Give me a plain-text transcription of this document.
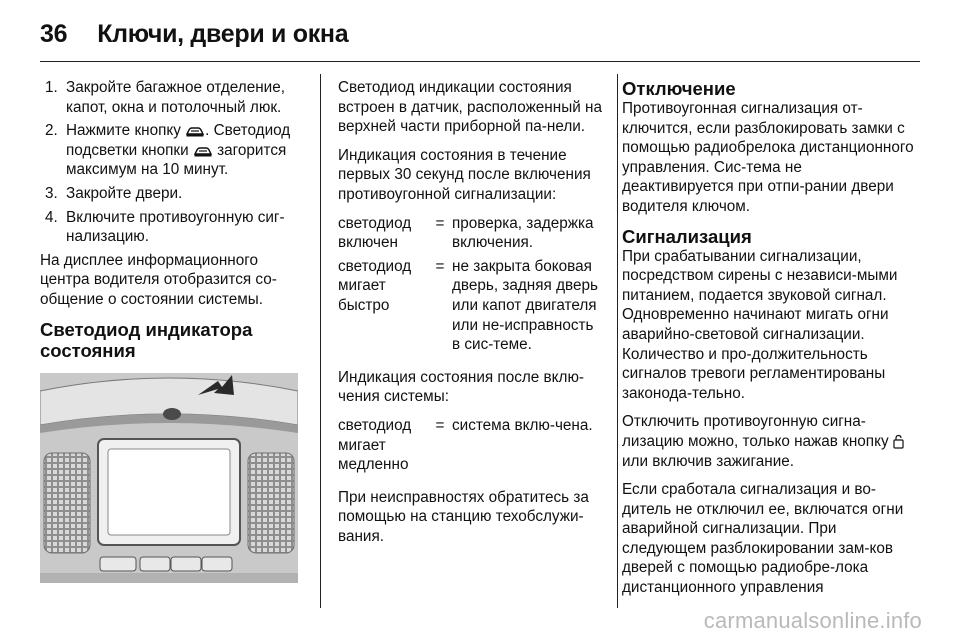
36 Ключи, двери и окна
1. Закройте багажное отделение, капот, окна и потолочный люк.
2. Нажмите кнопку . Светодиод подсветки кнопки  загорится максимум на 10 минут.
3. Закройте двери.
4. Включите противоугонную сиг-нализацию.

На дисплее информационного центра водителя отобразится со-общение о состоянии системы.

Светодиод индикатора состояния

Светодиод индикации состояния встроен в датчик, расположенный на верхней части приборной па-нели.

Индикация состояния в течение первых 30 секунд после включения противоугонной сигнализации:

светодиод включен	=	проверка, задержка включения.
светодиод мигает быстро	=	не закрыта боковая дверь, задняя дверь или капот двигателя или не-исправность в сис-теме.

Индикация состояния после вклю-чения системы:

светодиод мигает медленно	=	система вклю-чена.

При неисправностях обратитесь за помощью на станцию техобслужи-вания.

Отключение

Противоугонная сигнализация от-ключится, если разблокировать замки с помощью радиобрелока дистанционного управления. Сис-тема не деактивируется при отпи-рании двери водителя ключом.

Сигнализация

При срабатывании сигнализации, посредством сирены с независи-мыми питанием, подается звуковой сигнал. Одновременно начинают мигать огни аварийно-световой сигнализации. Количество и про-должительность сигналов тревоги регламентированы законода-тельно.

Отключить противоугонную сигна-лизацию можно, только нажав кнопку  или включив зажигание.

Если сработала сигнализация и во-дитель не отключил ее, включатся огни аварийной сигнализации. При следующем разблокировании зам-ков дверей с помощью радиобре-лока дистанционного управления

carmanualsonline.info
